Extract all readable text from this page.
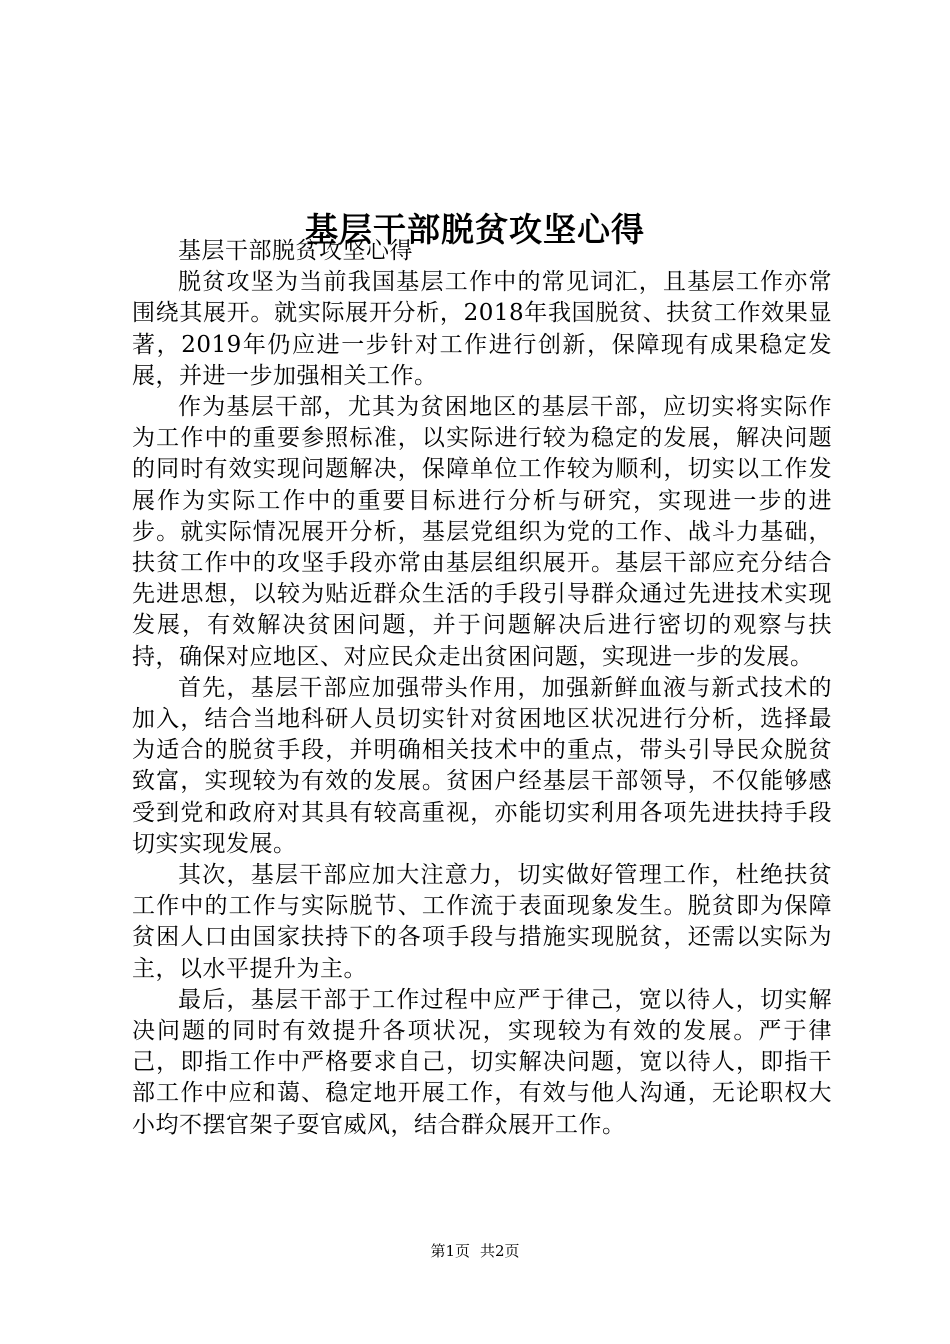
基层干部脱贫攻坚心得

基层干部脱贫攻坚心得

脱贫攻坚为当前我国基层工作中的常见词汇，且基层工作亦常围绕其展开。就实际展开分析，2018年我国脱贫、扶贫工作效果显著，2019年仍应进一步针对工作进行创新，保障现有成果稳定发展，并进一步加强相关工作。

作为基层干部，尤其为贫困地区的基层干部，应切实将实际作为工作中的重要参照标准，以实际进行较为稳定的发展，解决问题的同时有效实现问题解决，保障单位工作较为顺利，切实以工作发展作为实际工作中的重要目标进行分析与研究，实现进一步的进步。就实际情况展开分析，基层党组织为党的工作、战斗力基础，扶贫工作中的攻坚手段亦常由基层组织展开。基层干部应充分结合先进思想，以较为贴近群众生活的手段引导群众通过先进技术实现发展，有效解决贫困问题，并于问题解决后进行密切的观察与扶持，确保对应地区、对应民众走出贫困问题，实现进一步的发展。

首先，基层干部应加强带头作用，加强新鲜血液与新式技术的加入，结合当地科研人员切实针对贫困地区状况进行分析，选择最为适合的脱贫手段，并明确相关技术中的重点，带头引导民众脱贫致富，实现较为有效的发展。贫困户经基层干部领导，不仅能够感受到党和政府对其具有较高重视，亦能切实利用各项先进扶持手段切实实现发展。

其次，基层干部应加大注意力，切实做好管理工作，杜绝扶贫工作中的工作与实际脱节、工作流于表面现象发生。脱贫即为保障贫困人口由国家扶持下的各项手段与措施实现脱贫，还需以实际为主，以水平提升为主。

最后，基层干部于工作过程中应严于律己，宽以待人，切实解决问题的同时有效提升各项状况，实现较为有效的发展。严于律己，即指工作中严格要求自己，切实解决问题，宽以待人，即指干部工作中应和蔼、稳定地开展工作，有效与他人沟通，无论职权大小均不摆官架子耍官威风，结合群众展开工作。

第1页 共2页
